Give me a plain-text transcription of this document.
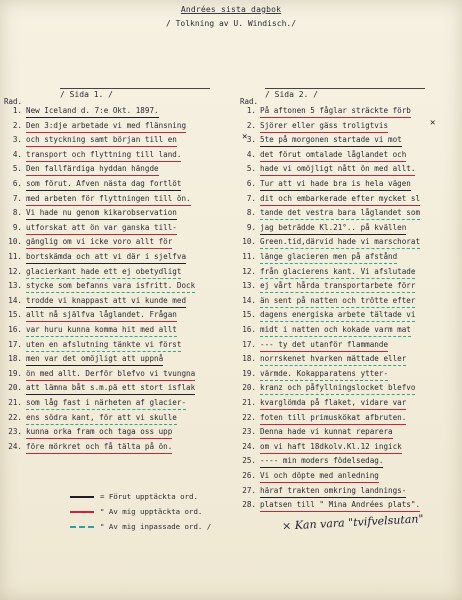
Andrées sista dagbok
/ Tolkning av U. Windisch./
/ Sida 1. /	/ Sida 2. /
Rad.	Rad.
1. New Iceland d. 7:e Okt. 1897.
2. Den 3:dje arbetade vi med flänsning
3. och styckning samt början till en
4. transport och flyttning till land.
5. Den fallfärdiga hyddan hängde
6. som förut. Afven nästa dag fortlöt
7. med arbeten för flyttningen till ön.
8. Vi hade nu genom kikarobservation
9. utforskat att ön var ganska till-
10. gänglig om vi icke voro allt för
11. bortskämda och att vi där i sjelfva
12. glacierkant hade ett ej obetydligt
13. stycke som befanns vara isfritt. Dock
14. trodde vi knappast att vi kunde med
15. allt nå själfva låglandet. Frågan
16. var huru kunna komma hit med allt
17. uten en afslutning tänkte vi först
18. men var det omöjligt att uppnå
19. ön med allt. Derför blefvo vi tvungna
20. att lämna båt s.m.pä ett stort isflak
21. som låg fast i närheten af glacier-
22. ens södra kant, för att vi skulle
23. kunna orka fram och taga oss upp
24. före mörkret och få tälta på ön.
1. På aftonen 5 fåglar sträckte förb
2. Sjörer eller gäss troligtvis
3. 5te på morgonen startade vi mot
4. det förut omtalade låglandet och
5. hade vi omöjligt nått ön med allt.
6. Tur att vi hade bra is hela vägen
7. dit och embarkerade efter mycket sl
8. tande det vestra bara låglandet som
9. jag beträdde Kl.21°.. på kvällen
10. Green.tid,därvid hade vi marschorat
11. länge glacieren men på afstånd
12. från glacierens kant. Vi afslutade
13. ej vårt hårda transportarbete förr
14. än sent på natten och trötte efter
15. dagens energiska arbete tältade vi
16. midt i natten och kokade varm mat
17. --- ty det utanför flammande
18. norrskenet hvarken mättade eller
19. värmde. Kokapparatens ytter-
20. kranz och påfyllningslocket blefvo
21. kvarglömda på flaket, vidare var
22. foten till primuskökat afbruten.
23. Denna hade vi kunnat reparera
24. om vi haft 18dkolv.Kl.12 ingick
25. ---- min moders födelsedag.
26. Vi och döpte med anledning
27. häraf trakten omkring landnings-
28. platsen till " Mina Andrées plats".
✕
✕
= Förut upptäckta ord.
" Av mig upptäckta ord.
" Av mig inpassade ord. /	× Kan vara "tvifvelsutan"
